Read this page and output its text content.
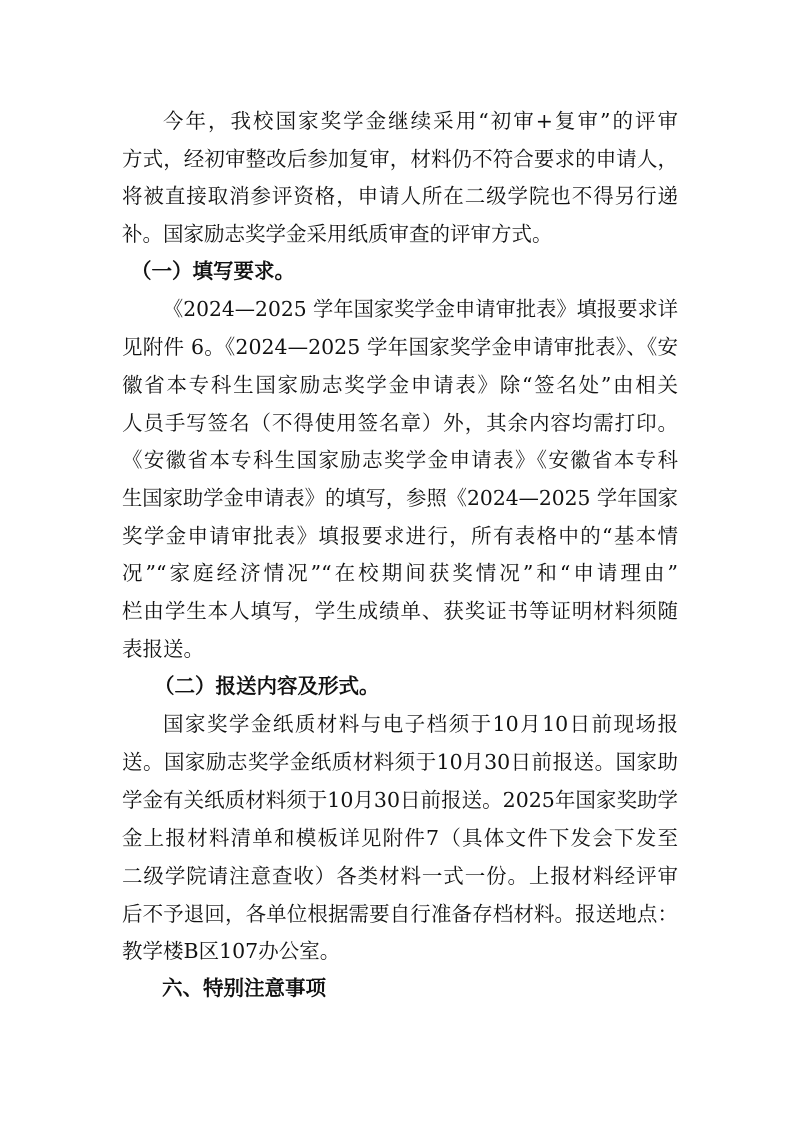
今年，我校国家奖学金继续采用“初审+复审”的评审
方式，经初审整改后参加复审，材料仍不符合要求的申请人，
将被直接取消参评资格，申请人所在二级学院也不得另行递
补。国家励志奖学金采用纸质审查的评审方式。
（一）填写要求。
《2024—2025 学年国家奖学金申请审批表》填报要求详
见附件 6。《2024—2025 学年国家奖学金申请审批表》、《安
徽省本专科生国家励志奖学金申请表》除“签名处”由相关
人员手写签名（不得使用签名章）外，其余内容均需打印。
《安徽省本专科生国家励志奖学金申请表》《安徽省本专科
生国家助学金申请表》的填写，参照《2024—2025 学年国家
奖学金申请审批表》填报要求进行，所有表格中的“基本情
况”“家庭经济情况”“在校期间获奖情况”和“申请理由”
栏由学生本人填写，学生成绩单、获奖证书等证明材料须随
表报送。
（二）报送内容及形式。
国家奖学金纸质材料与电子档须于10月10日前现场报
送。国家励志奖学金纸质材料须于10月30日前报送。国家助
学金有关纸质材料须于10月30日前报送。2025年国家奖助学
金上报材料清单和模板详见附件7（具体文件下发会下发至
二级学院请注意查收）各类材料一式一份。上报材料经评审
后不予退回，各单位根据需要自行准备存档材料。报送地点：
教学楼B区107办公室。
六、特别注意事项
